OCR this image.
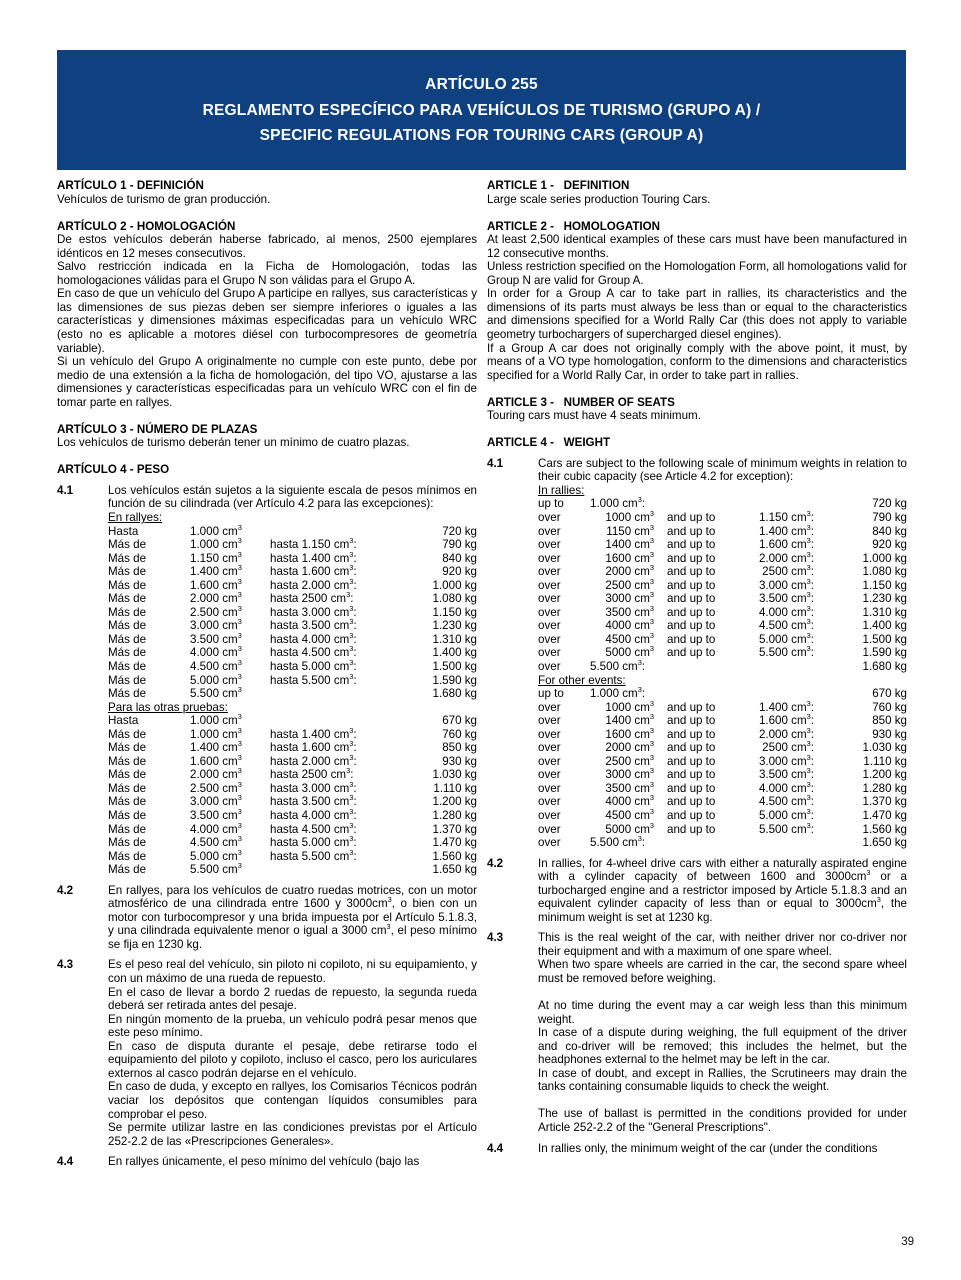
ARTÍCULO 255
REGLAMENTO ESPECÍFICO PARA VEHÍCULOS DE TURISMO (GRUPO A) /
SPECIFIC REGULATIONS FOR TOURING CARS (GROUP A)
ARTÍCULO 1 - DEFINICIÓN

Vehículos de turismo de gran producción.

ARTÍCULO 2 - HOMOLOGACIÓN

De estos vehículos deberán haberse fabricado, al menos, 2500 ejemplares idénticos en 12 meses consecutivos.

Salvo restricción indicada en la Ficha de Homologación, todas las homologaciones válidas para el Grupo N son válidas para el Grupo A.

En caso de que un vehículo del Grupo A participe en rallyes, sus características y las dimensiones de sus piezas deben ser siempre inferiores o iguales a las características y dimensiones máximas especificadas para un vehículo WRC (esto no es aplicable a motores diésel con turbocompresores de geometría variable).

Si un vehículo del Grupo A originalmente no cumple con este punto, debe por medio de una extensión a la ficha de homologación, del tipo VO, ajustarse a las dimensiones y características especificadas para un vehículo WRC con el fin de tomar parte en rallyes.

ARTÍCULO 3 - NÚMERO DE PLAZAS

Los vehículos de turismo deberán tener un mínimo de cuatro plazas.

ARTÍCULO 4 - PESO
4.1	Los vehículos están sujetos a la siguiente escala de pesos mínimos en función de su cilindrada (ver Artículo 4.2 para las excepciones):

En rallyes:

Hasta	1.000 $cm^3$		720 kg
Más de	1.000 $cm^3$	hasta 1.150 $cm^3$:	790 kg
Más de	1.150 $cm^3$	hasta 1.400 $cm^3$:	840 kg
Más de	1.400 $cm^3$	hasta 1.600 $cm^3$:	920 kg
Más de	1.600 $cm^3$	hasta 2.000 $cm^3$:	1.000 kg
Más de	2.000 $cm^3$	hasta 2500 $cm^3$:	1.080 kg
Más de	2.500 $cm^3$	hasta 3.000 $cm^3$:	1.150 kg
Más de	3.000 $cm^3$	hasta 3.500 $cm^3$:	1.230 kg
Más de	3.500 $cm^3$	hasta 4.000 $cm^3$:	1.310 kg
Más de	4.000 $cm^3$	hasta 4.500 $cm^3$:	1.400 kg
Más de	4.500 $cm^3$	hasta 5.000 $cm^3$:	1.500 kg
Más de	5.000 $cm^3$	hasta 5.500 $cm^3$:	1.590 kg
Más de	5.500 $cm^3$		1.680 kg

Para las otras pruebas:

Hasta	1.000 $cm^3$		670 kg
Más de	1.000 $cm^3$	hasta 1.400 $cm^3$:	760 kg
Más de	1.400 $cm^3$	hasta 1.600 $cm^3$:	850 kg
Más de	1.600 $cm^3$	hasta 2.000 $cm^3$:	930 kg
Más de	2.000 $cm^3$	hasta 2500 $cm^3$:	1.030 kg
Más de	2.500 $cm^3$	hasta 3.000 $cm^3$:	1.110 kg
Más de	3.000 $cm^3$	hasta 3.500 $cm^3$:	1.200 kg
Más de	3.500 $cm^3$	hasta 4.000 $cm^3$:	1.280 kg
Más de	4.000 $cm^3$	hasta 4.500 $cm^3$:	1.370 kg
Más de	4.500 $cm^3$	hasta 5.000 $cm^3$:	1.470 kg
Más de	5.000 $cm^3$	hasta 5.500 $cm^3$:	1.560 kg
Más de	5.500 $cm^3$		1.650 kg
4.2	En rallyes, para los vehículos de cuatro ruedas motrices, con un motor atmosférico de una cilindrada entre 1600 y $3000cm^3$, o bien con un motor con turbocompresor y una brida impuesta por el Artículo 5.1.8.3, y una cilindrada equivalente menor o igual a 3000 $cm^3$, el peso mínimo se fija en 1230 kg.

4.3	Es el peso real del vehículo, sin piloto ni copiloto, ni su equipamiento, y con un máximo de una rueda de repuesto.

En el caso de llevar a bordo 2 ruedas de repuesto, la segunda rueda deberá ser retirada antes del pesaje.

En ningún momento de la prueba, un vehículo podrá pesar menos que este peso mínimo.

En caso de disputa durante el pesaje, debe retirarse todo el equipamiento del piloto y copiloto, incluso el casco, pero los auriculares externos al casco podrán dejarse en el vehículo.

En caso de duda, y excepto en rallyes, los Comisarios Técnicos podrán vaciar los depósitos que contengan líquidos consumibles para comprobar el peso.

Se permite utilizar lastre en las condiciones previstas por el Artículo 252-2.2 de las «Prescripciones Generales».

4.4	En rallyes únicamente, el peso mínimo del vehículo (bajo las

ARTICLE 1 -   DEFINITION

Large scale series production Touring Cars.

ARTICLE 2 -   HOMOLOGATION

At least 2,500 identical examples of these cars must have been manufactured in 12 consecutive months.

Unless restriction specified on the Homologation Form, all homologations valid for Group N are valid for Group A.

In order for a Group A car to take part in rallies, its characteristics and the dimensions of its parts must always be less than or equal to the characteristics and dimensions specified for a World Rally Car (this does not apply to variable geometry turbochargers of supercharged diesel engines).

If a Group A car does not originally comply with the above point, it must, by means of a VO type homologation, conform to the dimensions and characteristics specified for a World Rally Car, in order to take part in rallies.

ARTICLE 3 -   NUMBER OF SEATS

Touring cars must have 4 seats minimum.

ARTICLE 4 -   WEIGHT
4.1	Cars are subject to the following scale of minimum weights in relation to their cubic capacity (see Article 4.2 for exception):

In rallies:

up to	1.000 $cm^3$:			720 kg
over	1000 $cm^3$	and up to	1.150 $cm^3$:	790 kg
over	1150 $cm^3$	and up to	1.400 $cm^3$:	840 kg
over	1400 $cm^3$	and up to	1.600 $cm^3$:	920 kg
over	1600 $cm^3$	and up to	2.000 $cm^3$:	1.000 kg
over	2000 $cm^3$	and up to	2500 $cm^3$:	1.080 kg
over	2500 $cm^3$	and up to	3.000 $cm^3$:	1.150 kg
over	3000 $cm^3$	and up to	3.500 $cm^3$:	1.230 kg
over	3500 $cm^3$	and up to	4.000 $cm^3$:	1.310 kg
over	4000 $cm^3$	and up to	4.500 $cm^3$:	1.400 kg
over	4500 $cm^3$	and up to	5.000 $cm^3$:	1.500 kg
over	5000 $cm^3$	and up to	5.500 $cm^3$:	1.590 kg
over	5.500 $cm^3$:			1.680 kg

For other events:

up to	1.000 $cm^3$:			670 kg
over	1000 $cm^3$	and up to	1.400 $cm^3$:	760 kg
over	1400 $cm^3$	and up to	1.600 $cm^3$:	850 kg
over	1600 $cm^3$	and up to	2.000 $cm^3$:	930 kg
over	2000 $cm^3$	and up to	2500 $cm^3$:	1.030 kg
over	2500 $cm^3$	and up to	3.000 $cm^3$:	1.110 kg
over	3000 $cm^3$	and up to	3.500 $cm^3$:	1.200 kg
over	3500 $cm^3$	and up to	4.000 $cm^3$:	1.280 kg
over	4000 $cm^3$	and up to	4.500 $cm^3$:	1.370 kg
over	4500 $cm^3$	and up to	5.000 $cm^3$:	1.470 kg
over	5000 $cm^3$	and up to	5.500 $cm^3$:	1.560 kg
over	5.500 $cm^3$:			1.650 kg
4.2	In rallies, for 4-wheel drive cars with either a naturally aspirated engine with a cylinder capacity of between 1600 and $3000cm^3$ or a turbocharged engine and a restrictor imposed by Article 5.1.8.3 and an equivalent cylinder capacity of less than or equal to $3000cm^3$, the minimum weight is set at 1230 kg.

4.3	This is the real weight of the car, with neither driver nor co-driver nor their equipment and with a maximum of one spare wheel.

When two spare wheels are carried in the car, the second spare wheel must be removed before weighing.

At no time during the event may a car weigh less than this minimum weight.

In case of a dispute during weighing, the full equipment of the driver and co-driver will be removed; this includes the helmet, but the headphones external to the helmet may be left in the car.

In case of doubt, and except in Rallies, the Scrutineers may drain the tanks containing consumable liquids to check the weight.

The use of ballast is permitted in the conditions provided for under Article 252-2.2 of the "General Prescriptions".

4.4	In rallies only, the minimum weight of the car (under the conditions

39
